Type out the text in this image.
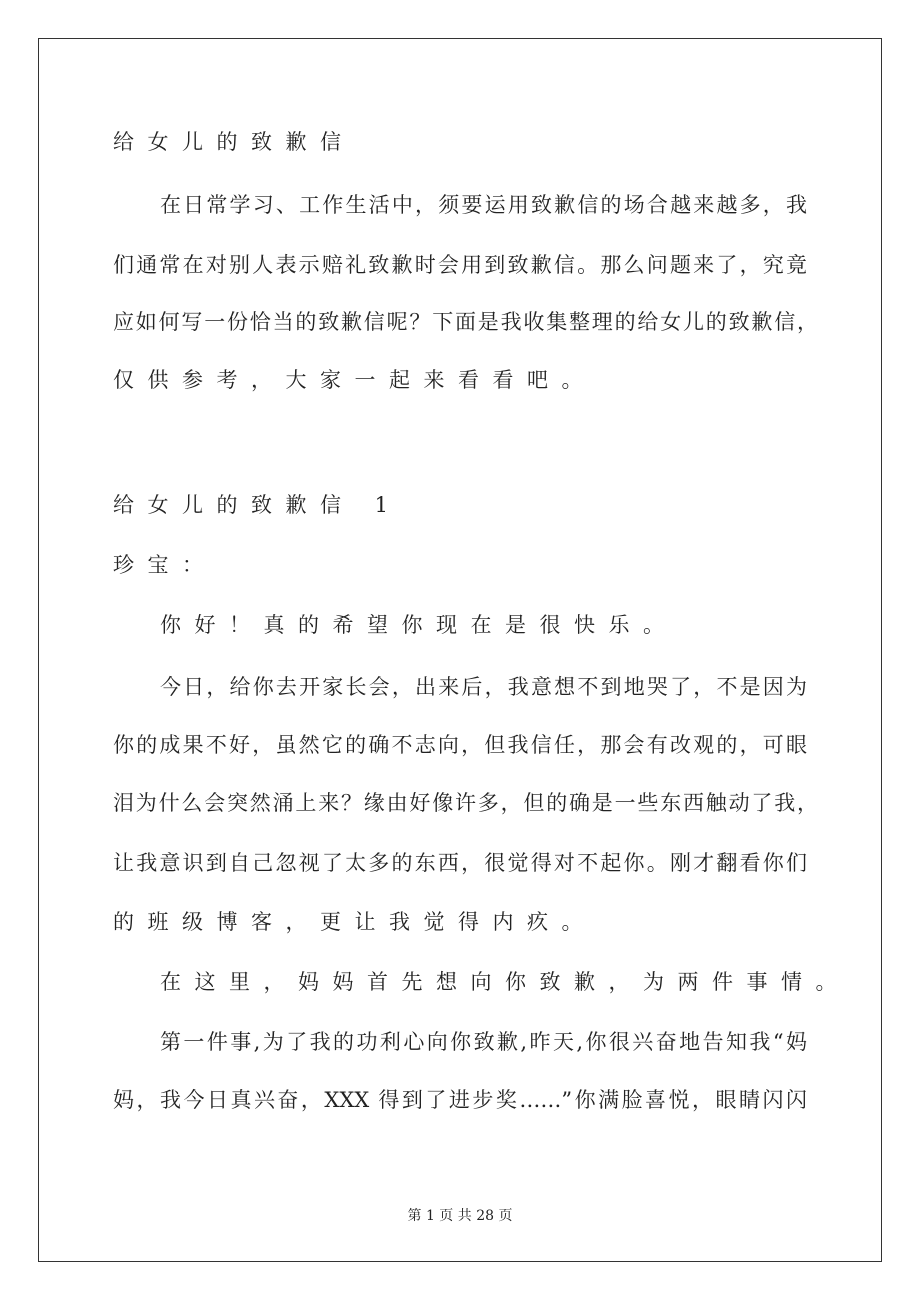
给女儿的致歉信
在日常学习、工作生活中，须要运用致歉信的场合越来越多，我
们通常在对别人表示赔礼致歉时会用到致歉信。那么问题来了，究竟
应如何写一份恰当的致歉信呢？下面是我收集整理的给女儿的致歉信，
仅供参考，大家一起来看看吧。
给女儿的致歉信 1
珍宝：
你好！真的希望你现在是很快乐。
今日，给你去开家长会，出来后，我意想不到地哭了，不是因为
你的成果不好，虽然它的确不志向，但我信任，那会有改观的，可眼
泪为什么会突然涌上来？缘由好像许多，但的确是一些东西触动了我，
让我意识到自己忽视了太多的东西，很觉得对不起你。刚才翻看你们
的班级博客，更让我觉得内疚。
在这里，妈妈首先想向你致歉，为两件事情。
第一件事,为了我的功利心向你致歉,昨天,你很兴奋地告知我“妈
妈，我今日真兴奋，XXX 得到了进步奖……”你满脸喜悦，眼睛闪闪
第 1 页 共 28 页
